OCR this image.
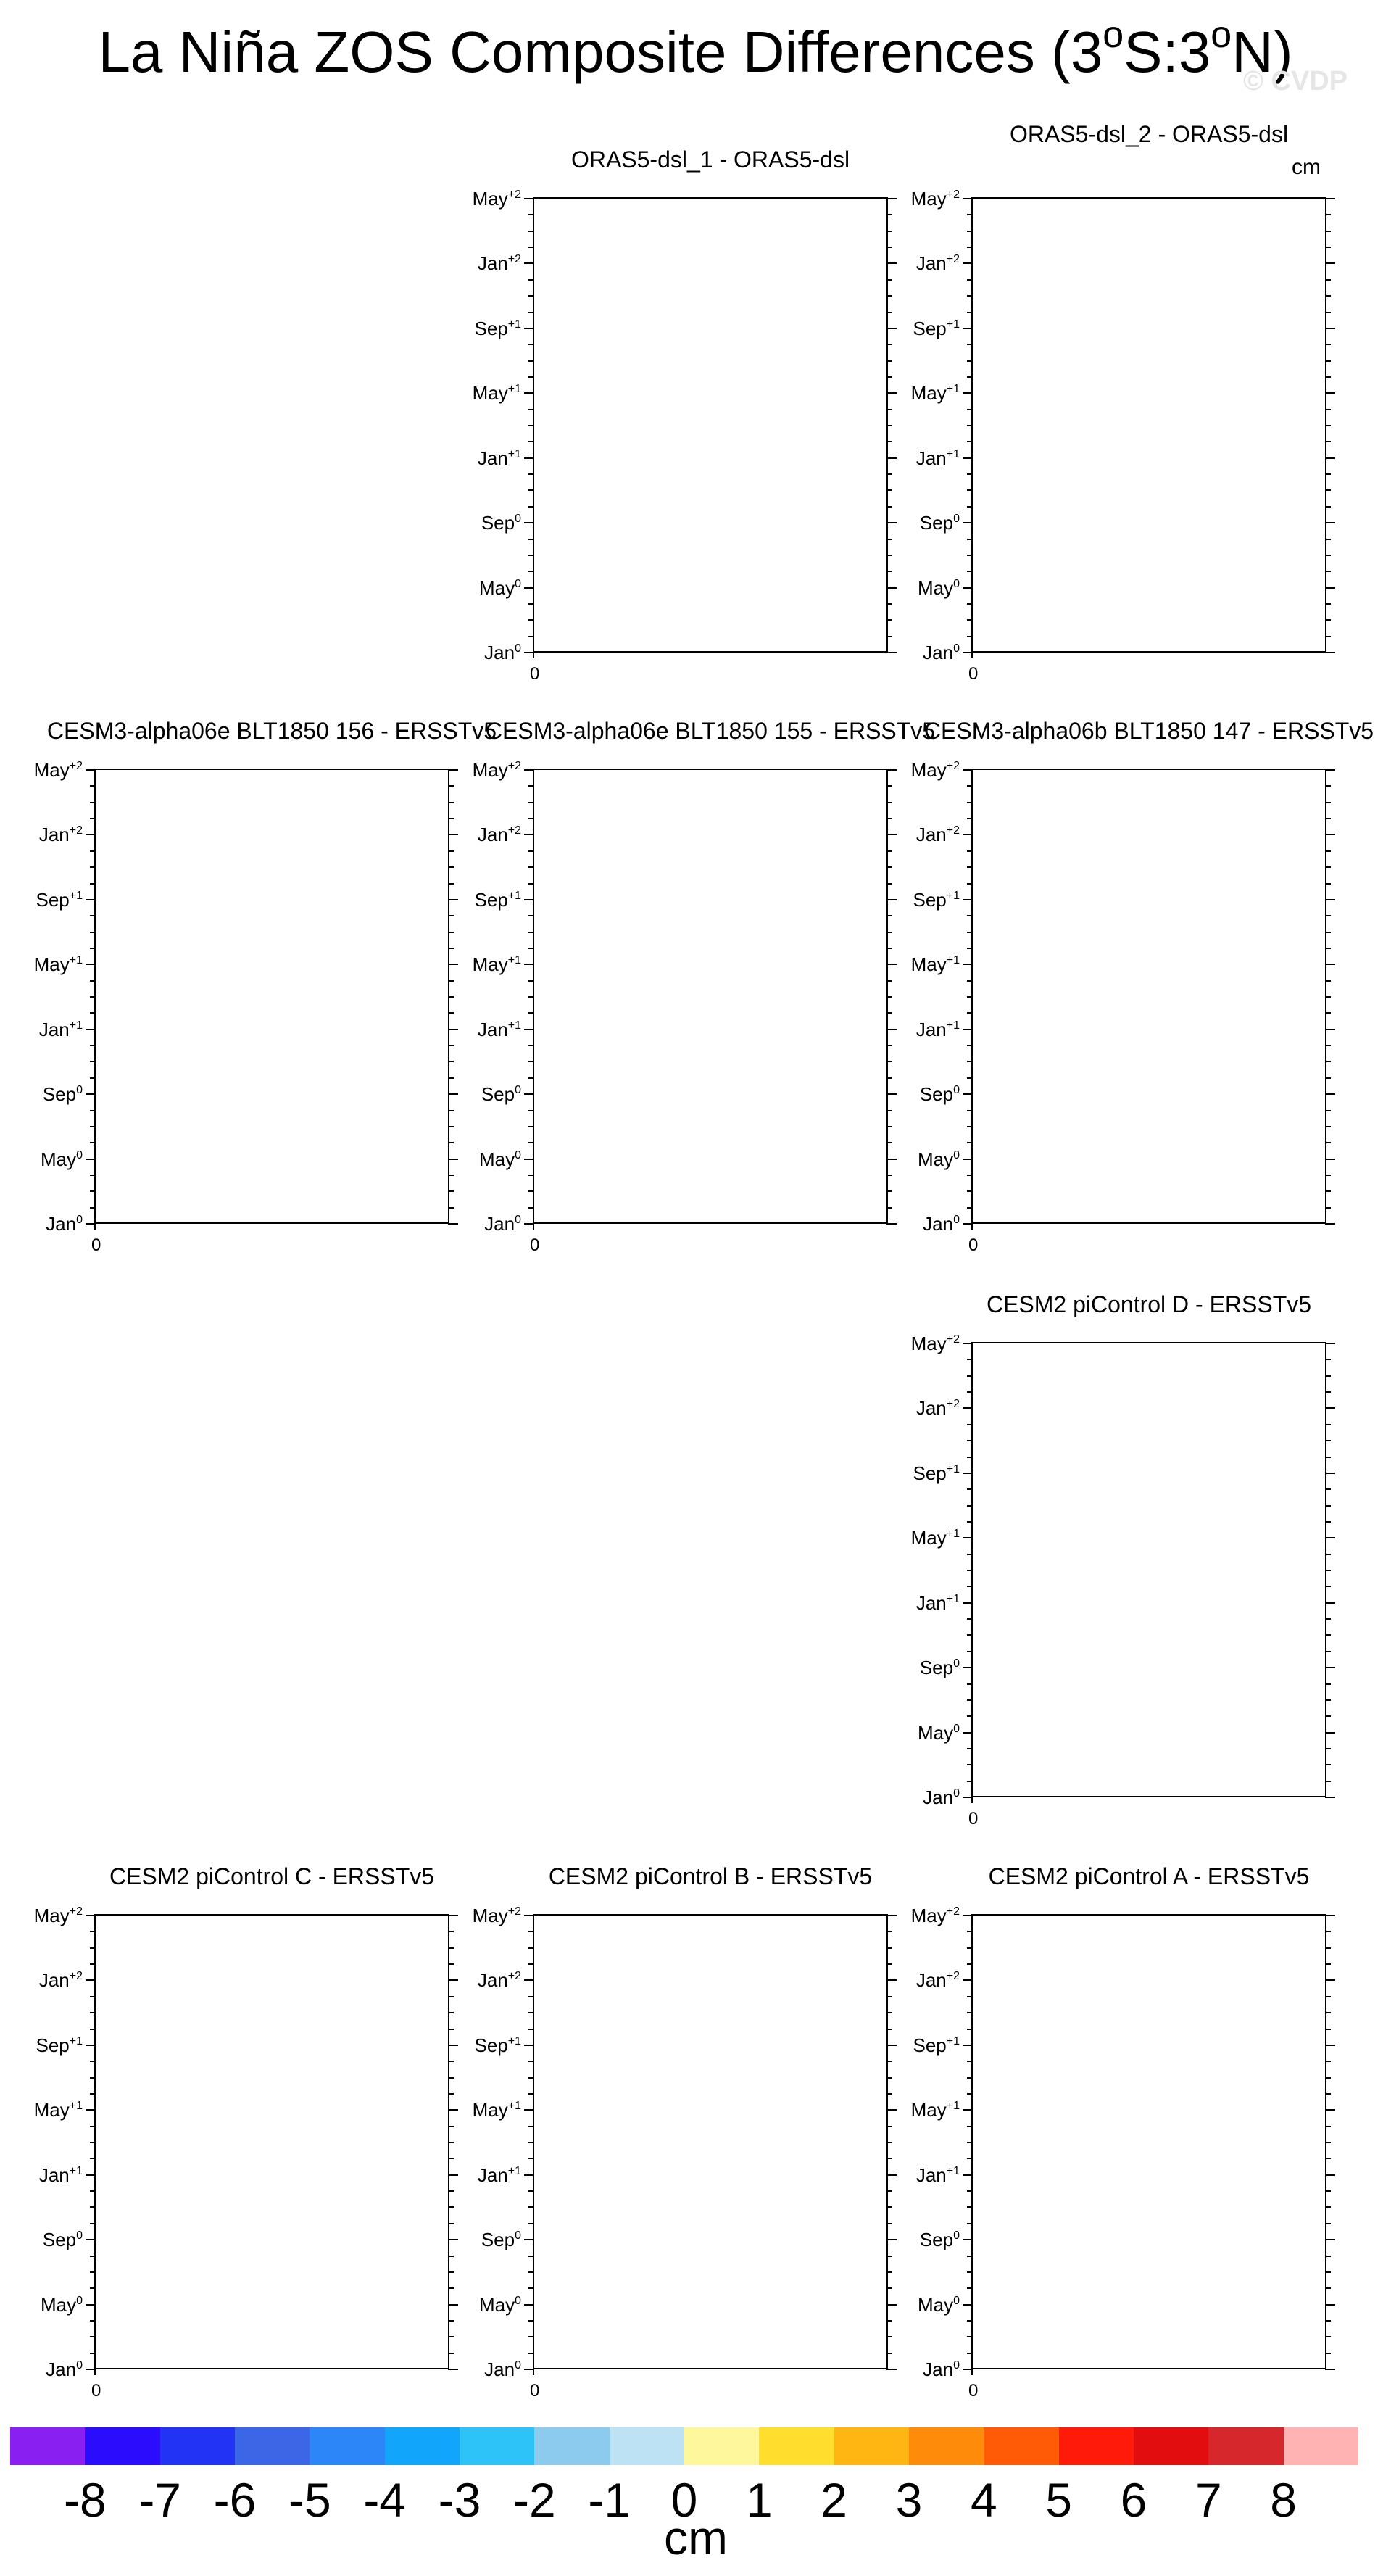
La Niña ZOS Composite Differences (3$^o$S:3$^o$N)
© CVDP
ORAS5-dsl_1 - ORAS5-dsl
May$^{+2}$
Jan$^{+2}$
Sep$^{+1}$
May$^{+1}$
Jan$^{+1}$
Sep$^0$
May$^0$
Jan$^0$
0
ORAS5-dsl_2 - ORAS5-dsl
cm
May$^{+2}$
Jan$^{+2}$
Sep$^{+1}$
May$^{+1}$
Jan$^{+1}$
Sep$^0$
May$^0$
Jan$^0$
0
CESM3-alpha06e BLT1850 156 - ERSSTv5
May$^{+2}$
Jan$^{+2}$
Sep$^{+1}$
May$^{+1}$
Jan$^{+1}$
Sep$^0$
May$^0$
Jan$^0$
0
CESM3-alpha06e BLT1850 155 - ERSSTv5
May$^{+2}$
Jan$^{+2}$
Sep$^{+1}$
May$^{+1}$
Jan$^{+1}$
Sep$^0$
May$^0$
Jan$^0$
0
CESM3-alpha06b BLT1850 147 - ERSSTv5
May$^{+2}$
Jan$^{+2}$
Sep$^{+1}$
May$^{+1}$
Jan$^{+1}$
Sep$^0$
May$^0$
Jan$^0$
0
CESM2 piControl D - ERSSTv5
May$^{+2}$
Jan$^{+2}$
Sep$^{+1}$
May$^{+1}$
Jan$^{+1}$
Sep$^0$
May$^0$
Jan$^0$
0
CESM2 piControl C - ERSSTv5
May$^{+2}$
Jan$^{+2}$
Sep$^{+1}$
May$^{+1}$
Jan$^{+1}$
Sep$^0$
May$^0$
Jan$^0$
0
CESM2 piControl B - ERSSTv5
May$^{+2}$
Jan$^{+2}$
Sep$^{+1}$
May$^{+1}$
Jan$^{+1}$
Sep$^0$
May$^0$
Jan$^0$
0
CESM2 piControl A - ERSSTv5
May$^{+2}$
Jan$^{+2}$
Sep$^{+1}$
May$^{+1}$
Jan$^{+1}$
Sep$^0$
May$^0$
Jan$^0$
0
-8 -7 -6 -5 -4 -3 -2 -1 0	1	2	3	4	5	6	7	8
cm
